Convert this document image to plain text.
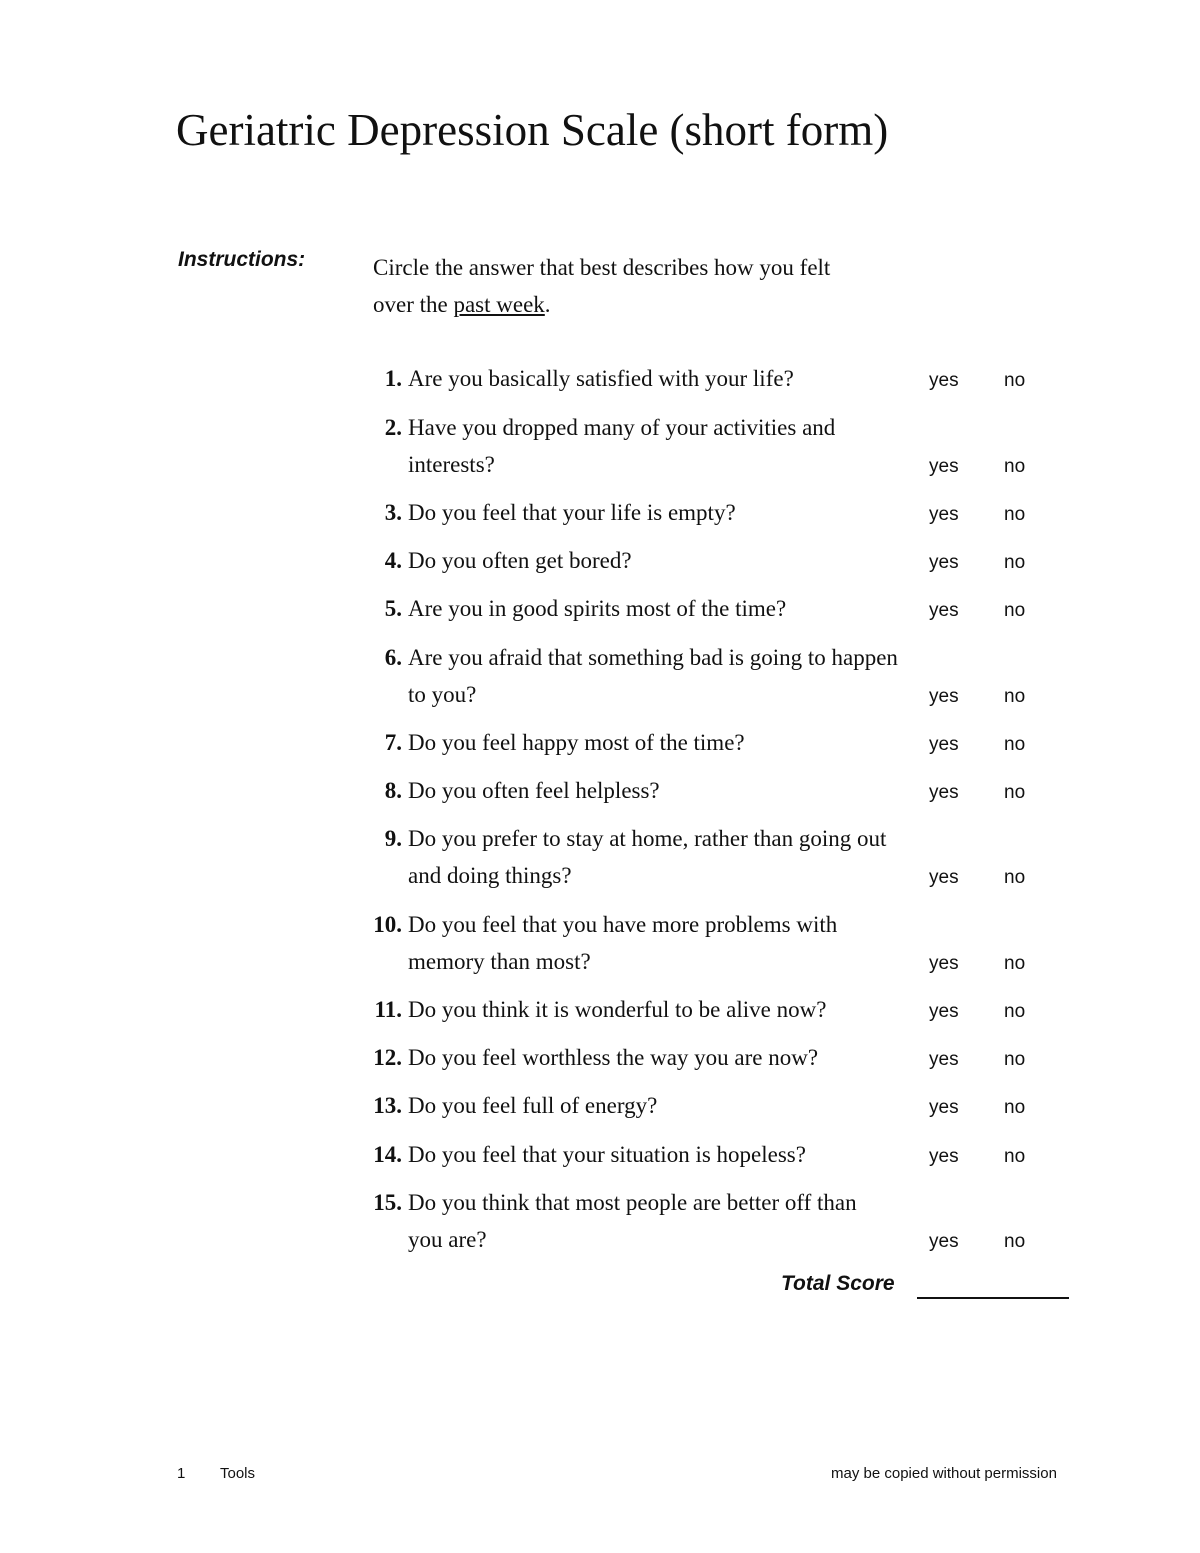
Geriatric Depression Scale (short form)
Instructions:	Circle the answer that best describes how you felt
over the past week.
1. Are you basically satisfied with your life?	yes no
2. Have you dropped many of your activities and interests?	yes no
3. Do you feel that your life is empty?	yes no
4. Do you often get bored?	yes no
5. Are you in good spirits most of the time?	yes no
6. Are you afraid that something bad is going to happen to you?	yes no
7. Do you feel happy most of the time?	yes no
8. Do you often feel helpless?	yes no
9. Do you prefer to stay at home, rather than going out and doing things?	yes no
10. Do you feel that you have more problems with memory than most?	yes no
11. Do you think it is wonderful to be alive now?	yes no
12. Do you feel worthless the way you are now?	yes no
13. Do you feel full of energy?	yes no
14. Do you feel that your situation is hopeless?	yes no
15. Do you think that most people are better off than you are?	yes no
Total Score
1 Tools	may be copied without permission
